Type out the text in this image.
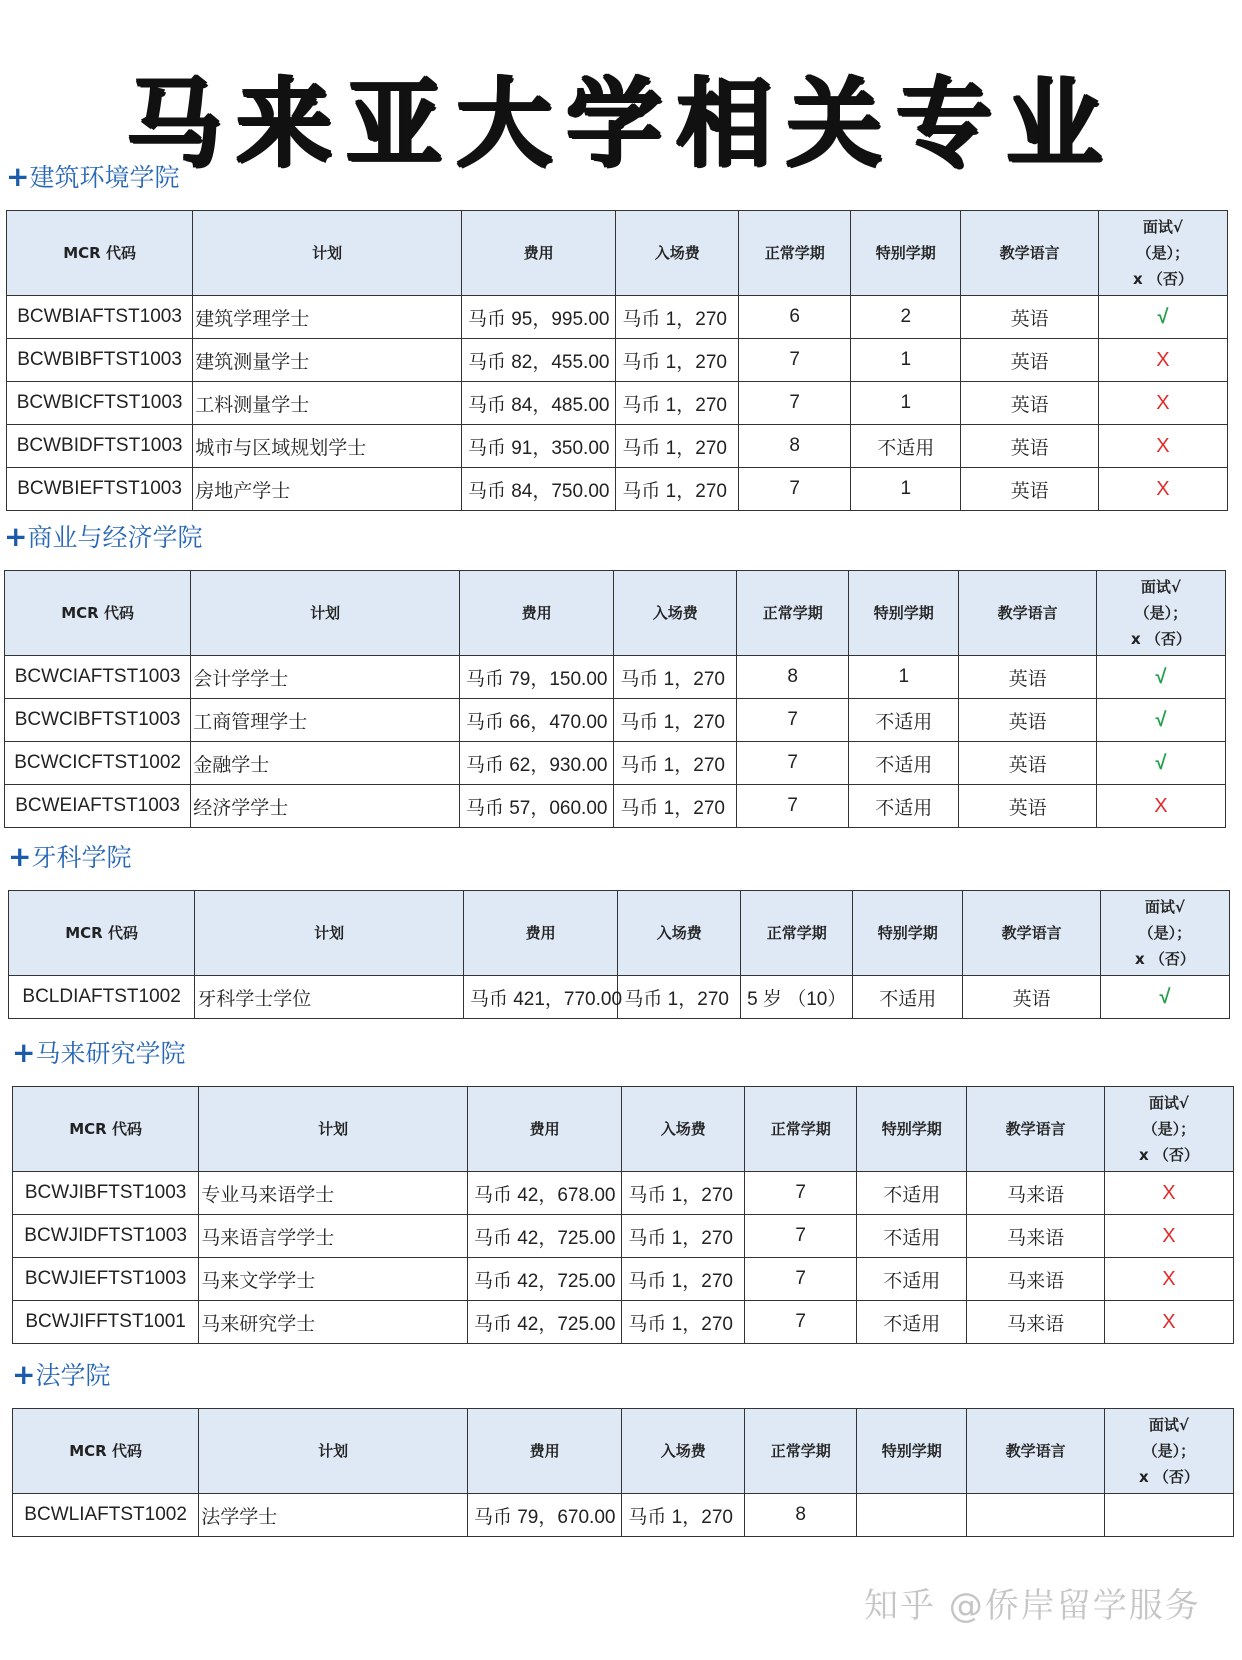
马来亚大学相关专业
+建筑环境学院
MCR 代码	计划	费用	入场费	正常学期	特别学期	教学语言	面试√
（是）；
x （否）

BCWBIAFTST1003	建筑学理学士	马币 95，995.00	马币 1，270	6	2	英语	√
BCWBIBFTST1003	建筑测量学士	马币 82，455.00	马币 1，270	7	1	英语	X
BCWBICFTST1003	工料测量学士	马币 84，485.00	马币 1，270	7	1	英语	X
BCWBIDFTST1003	城市与区域规划学士	马币 91，350.00	马币 1，270	8	不适用	英语	X
BCWBIEFTST1003	房地产学士	马币 84，750.00	马币 1，270	7	1	英语	X
+商业与经济学院
MCR 代码	计划	费用	入场费	正常学期	特别学期	教学语言	面试√
（是）；
x （否）

BCWCIAFTST1003	会计学学士	马币 79，150.00	马币 1，270	8	1	英语	√
BCWCIBFTST1003	工商管理学士	马币 66，470.00	马币 1，270	7	不适用	英语	√
BCWCICFTST1002	金融学士	马币 62，930.00	马币 1，270	7	不适用	英语	√
BCWEIAFTST1003	经济学学士	马币 57，060.00	马币 1，270	7	不适用	英语	X
+牙科学院
MCR 代码	计划	费用	入场费	正常学期	特别学期	教学语言	面试√
（是）；
x （否）

BCLDIAFTST1002	牙科学士学位	马币 421，770.00	马币 1，270	5 岁 （10）	不适用	英语	√
+马来研究学院
MCR 代码	计划	费用	入场费	正常学期	特别学期	教学语言	面试√
（是）；
x （否）

BCWJIBFTST1003	专业马来语学士	马币 42，678.00	马币 1，270	7	不适用	马来语	X
BCWJIDFTST1003	马来语言学学士	马币 42，725.00	马币 1，270	7	不适用	马来语	X
BCWJIEFTST1003	马来文学学士	马币 42，725.00	马币 1，270	7	不适用	马来语	X
BCWJIFFTST1001	马来研究学士	马币 42，725.00	马币 1，270	7	不适用	马来语	X
+法学院
MCR 代码	计划	费用	入场费	正常学期	特别学期	教学语言	面试√
（是）；
x （否）

BCWLIAFTST1002	法学学士	马币 79，670.00	马币 1，270	8			
知乎 @侨岸留学服务
